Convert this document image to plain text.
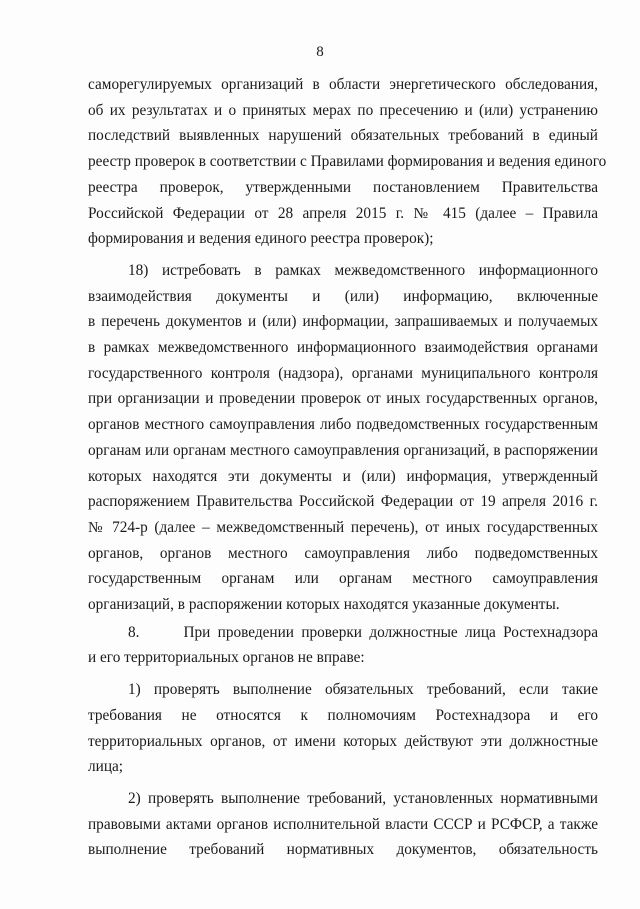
8
саморегулируемых организаций в области энергетического обследования,
об их результатах и о принятых мерах по пресечению и (или) устранению
последствий выявленных нарушений обязательных требований в единый
реестр проверок в соответствии с Правилами формирования и ведения единого
реестра проверок, утвержденными постановлением Правительства
Российской Федерации от 28 апреля 2015 г. № 415 (далее – Правила
формирования и ведения единого реестра проверок);
18) истребовать в рамках межведомственного информационного
взаимодействия документы и (или) информацию, включенные
в перечень документов и (или) информации, запрашиваемых и получаемых
в рамках межведомственного информационного взаимодействия органами
государственного контроля (надзора), органами муниципального контроля
при организации и проведении проверок от иных государственных органов,
органов местного самоуправления либо подведомственных государственным
органам или органам местного самоуправления организаций, в распоряжении
которых находятся эти документы и (или) информация, утвержденный
распоряжением Правительства Российской Федерации от 19 апреля 2016 г.
№ 724-р (далее – межведомственный перечень), от иных государственных
органов, органов местного самоуправления либо подведомственных
государственным органам или органам местного самоуправления
организаций, в распоряжении которых находятся указанные документы.
8.      При проведении проверки должностные лица Ростехнадзора
и его территориальных органов не вправе:
1) проверять выполнение обязательных требований, если такие
требования не относятся к полномочиям Ростехнадзора и его
территориальных органов, от имени которых действуют эти должностные
лица;
2) проверять выполнение требований, установленных нормативными
правовыми актами органов исполнительной власти СССР и РСФСР, а также
выполнение требований нормативных документов, обязательность
